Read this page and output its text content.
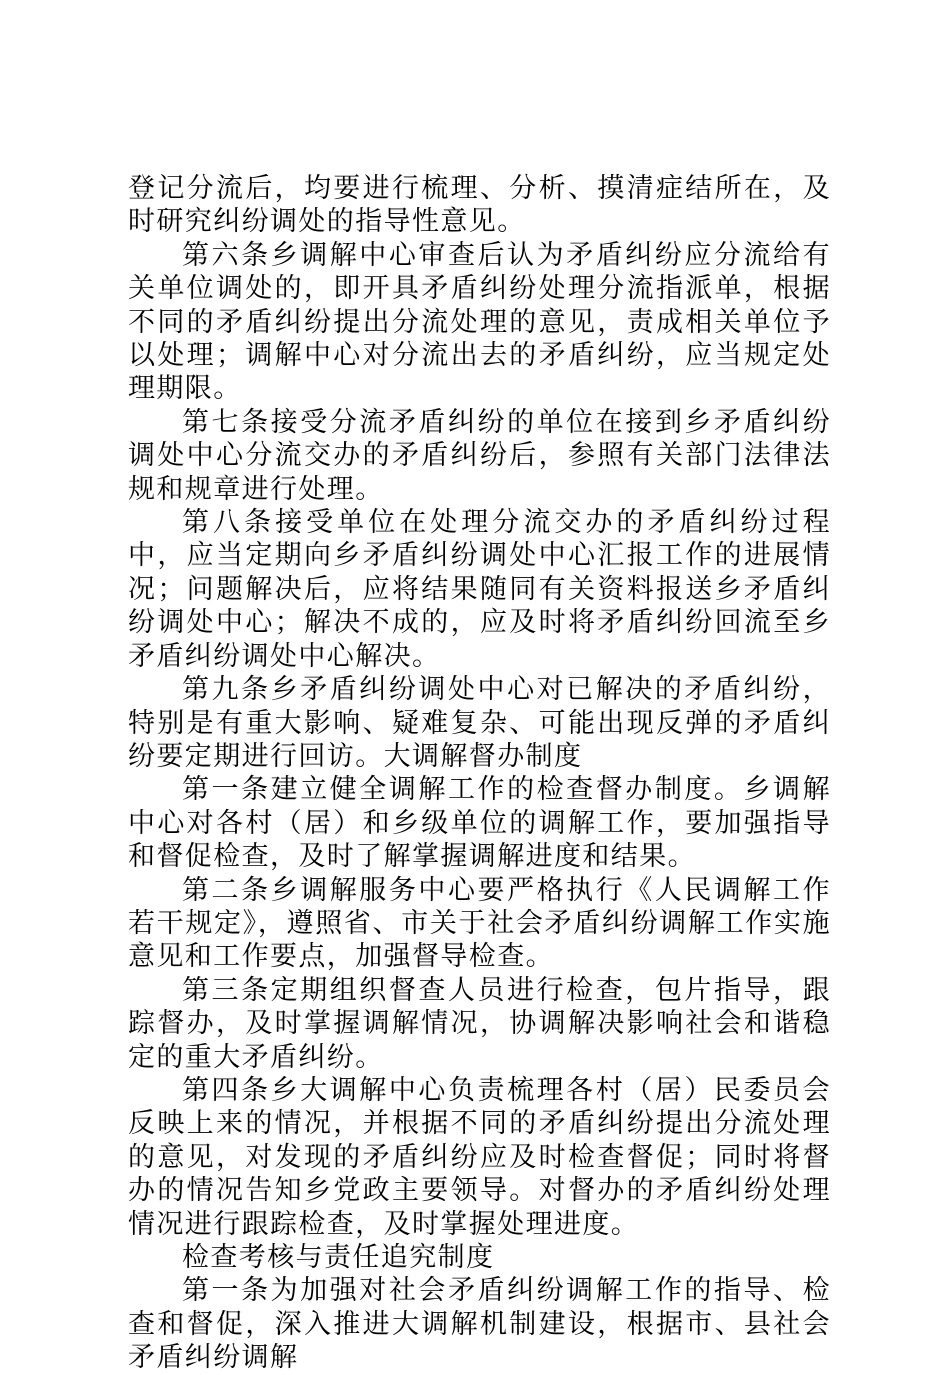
登记分流后，均要进行梳理、分析、摸清症结所在，及时研究纠纷调处的指导性意见。

第六条乡调解中心审查后认为矛盾纠纷应分流给有关单位调处的，即开具矛盾纠纷处理分流指派单，根据不同的矛盾纠纷提出分流处理的意见，责成相关单位予以处理；调解中心对分流出去的矛盾纠纷，应当规定处理期限。

第七条接受分流矛盾纠纷的单位在接到乡矛盾纠纷调处中心分流交办的矛盾纠纷后，参照有关部门法律法规和规章进行处理。

第八条接受单位在处理分流交办的矛盾纠纷过程中，应当定期向乡矛盾纠纷调处中心汇报工作的进展情况；问题解决后，应将结果随同有关资料报送乡矛盾纠纷调处中心；解决不成的，应及时将矛盾纠纷回流至乡矛盾纠纷调处中心解决。

第九条乡矛盾纠纷调处中心对已解决的矛盾纠纷，特别是有重大影响、疑难复杂、可能出现反弹的矛盾纠纷要定期进行回访。大调解督办制度

第一条建立健全调解工作的检查督办制度。乡调解中心对各村（居）和乡级单位的调解工作，要加强指导和督促检查，及时了解掌握调解进度和结果。

第二条乡调解服务中心要严格执行《人民调解工作若干规定》，遵照省、市关于社会矛盾纠纷调解工作实施意见和工作要点，加强督导检查。

第三条定期组织督查人员进行检查，包片指导，跟踪督办，及时掌握调解情况，协调解决影响社会和谐稳定的重大矛盾纠纷。

第四条乡大调解中心负责梳理各村（居）民委员会反映上来的情况，并根据不同的矛盾纠纷提出分流处理的意见，对发现的矛盾纠纷应及时检查督促；同时将督办的情况告知乡党政主要领导。对督办的矛盾纠纷处理情况进行跟踪检查，及时掌握处理进度。

检查考核与责任追究制度

第一条为加强对社会矛盾纠纷调解工作的指导、检查和督促，深入推进大调解机制建设，根据市、县社会矛盾纠纷调解
